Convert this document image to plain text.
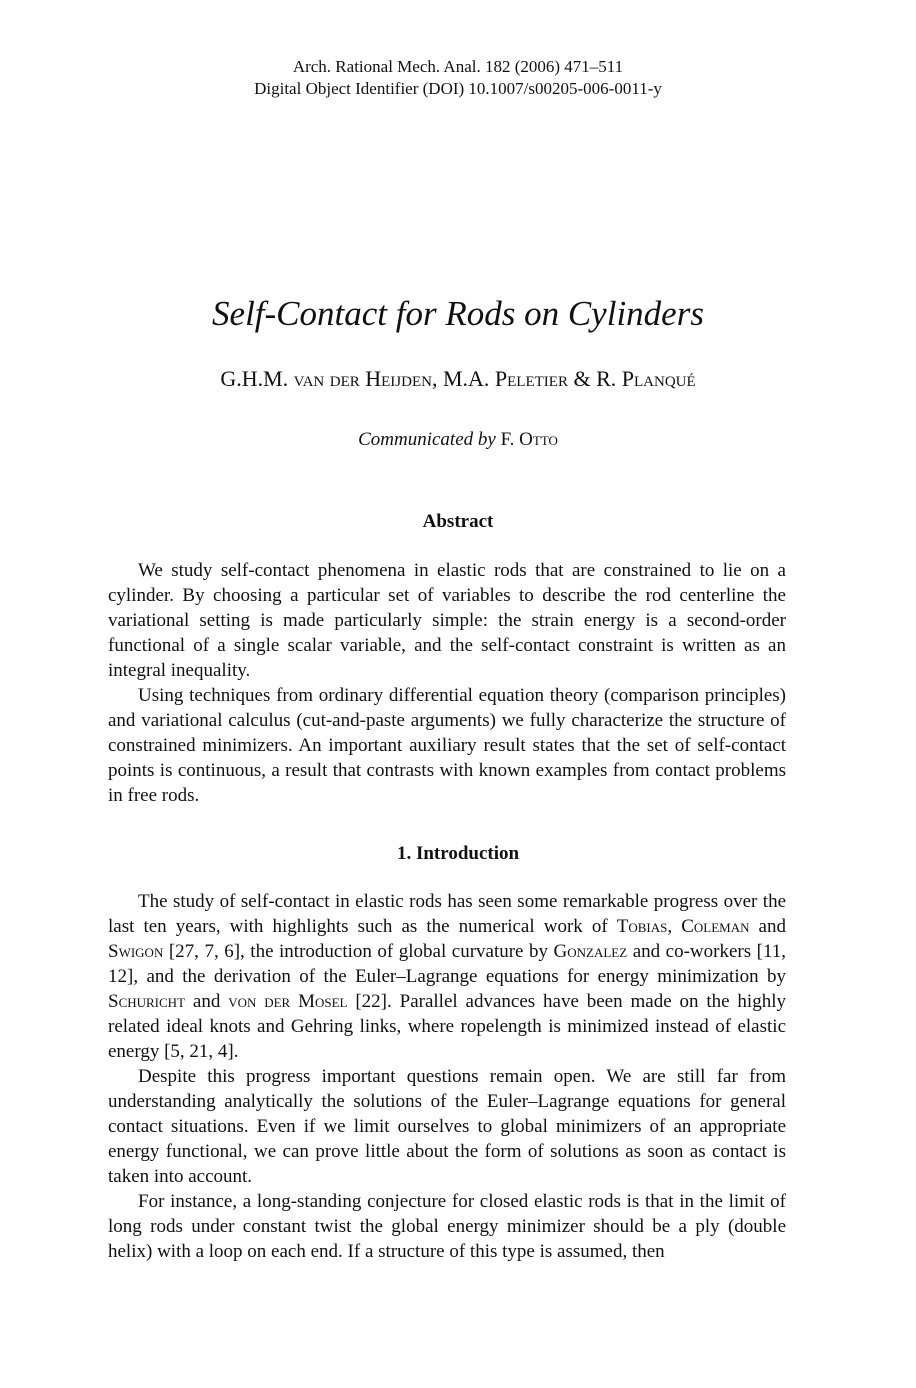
Arch. Rational Mech. Anal. 182 (2006) 471–511
Digital Object Identifier (DOI) 10.1007/s00205-006-0011-y
Self-Contact for Rods on Cylinders
G.H.M. van der Heijden, M.A. Peletier & R. Planqué
Communicated by F. Otto
Abstract

We study self-contact phenomena in elastic rods that are constrained to lie on a cylinder. By choosing a particular set of variables to describe the rod centerline the variational setting is made particularly simple: the strain energy is a second-order functional of a single scalar variable, and the self-contact constraint is written as an integral inequality.

Using techniques from ordinary differential equation theory (comparison principles) and variational calculus (cut-and-paste arguments) we fully characterize the structure of constrained minimizers. An important auxiliary result states that the set of self-contact points is continuous, a result that contrasts with known examples from contact problems in free rods.

1. Introduction

The study of self-contact in elastic rods has seen some remarkable progress over the last ten years, with highlights such as the numerical work of Tobias, Coleman and Swigon [27, 7, 6], the introduction of global curvature by Gonzalez and co-workers [11, 12], and the derivation of the Euler–Lagrange equations for energy minimization by Schuricht and von der Mosel [22]. Parallel advances have been made on the highly related ideal knots and Gehring links, where ropelength is minimized instead of elastic energy [5, 21, 4].

Despite this progress important questions remain open. We are still far from understanding analytically the solutions of the Euler–Lagrange equations for general contact situations. Even if we limit ourselves to global minimizers of an appropriate energy functional, we can prove little about the form of solutions as soon as contact is taken into account.

For instance, a long-standing conjecture for closed elastic rods is that in the limit of long rods under constant twist the global energy minimizer should be a ply (double helix) with a loop on each end. If a structure of this type is assumed, then
